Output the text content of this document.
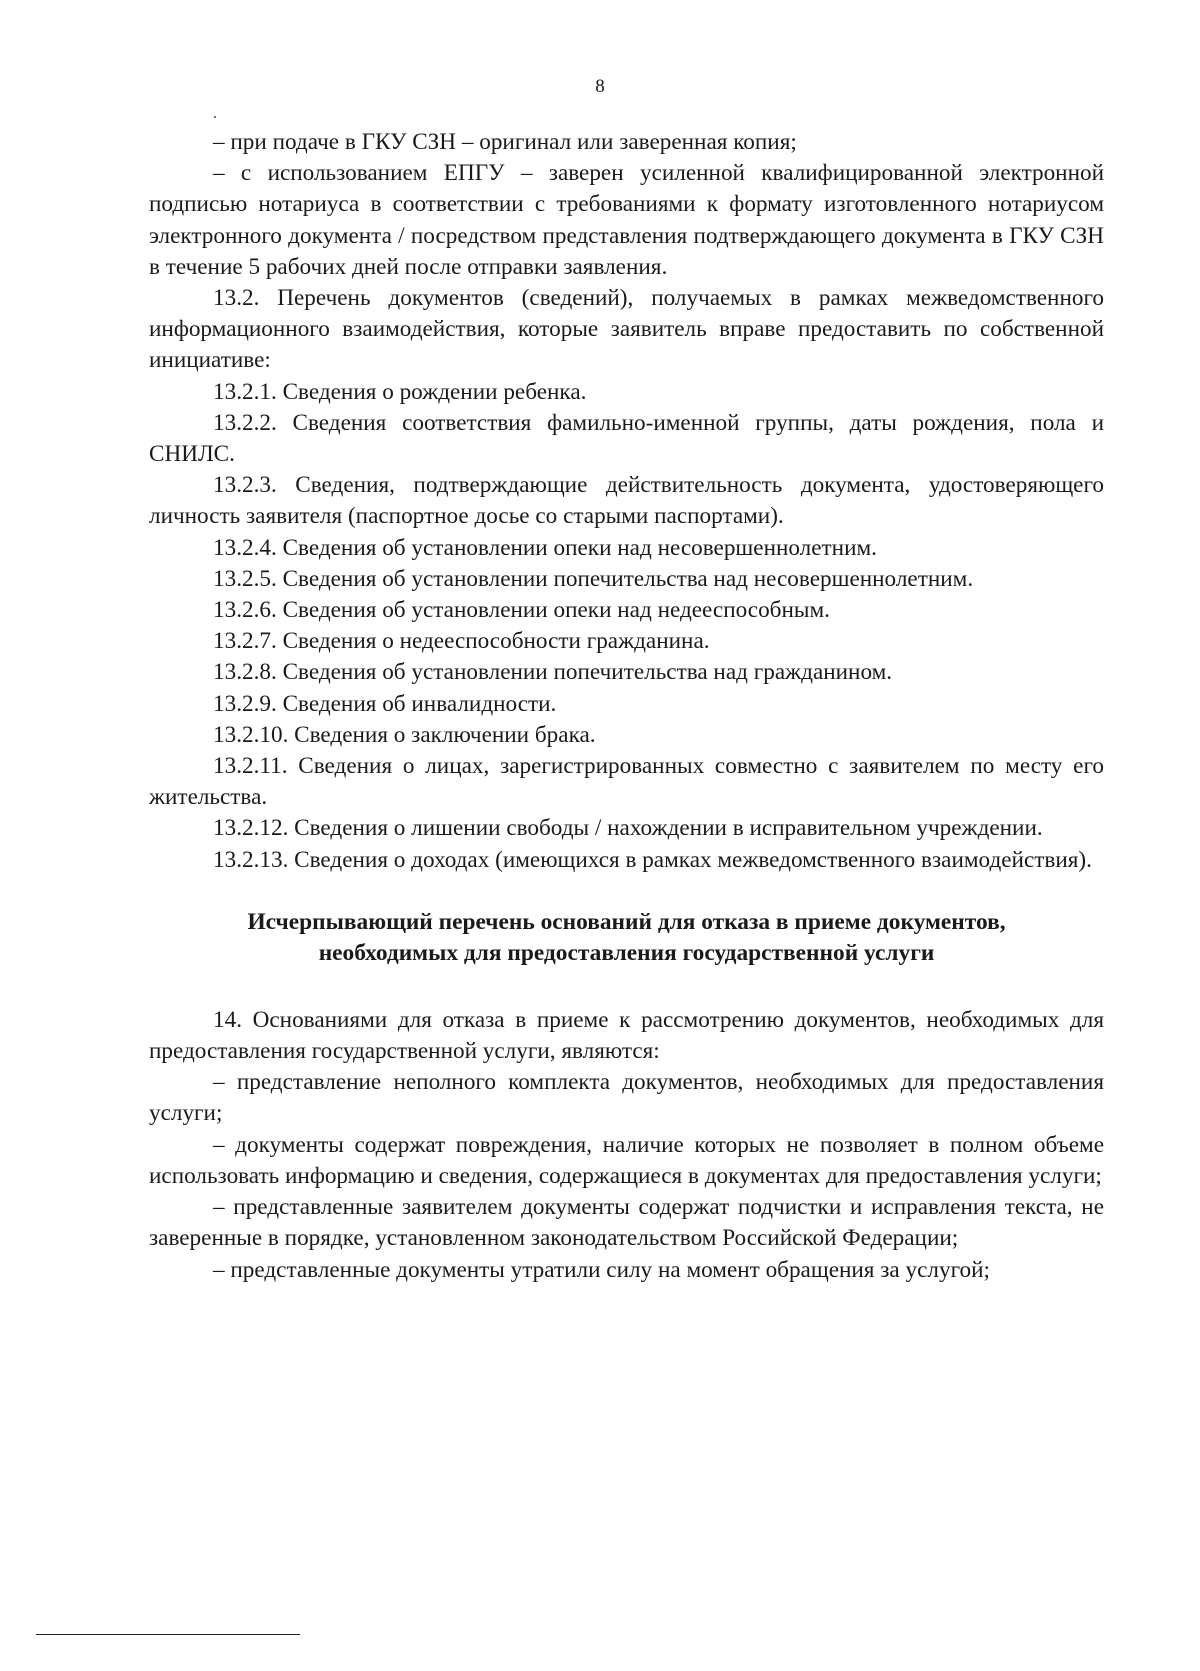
8

– при подаче в ГКУ СЗН – оригинал или заверенная копия;

– с использованием ЕПГУ – заверен усиленной квалифицированной электронной подписью нотариуса в соответствии с требованиями к формату изготовленного нотариусом электронного документа / посредством представления подтверждающего документа в ГКУ СЗН в течение 5 рабочих дней после отправки заявления.

13.2. Перечень документов (сведений), получаемых в рамках межведомственного информационного взаимодействия, которые заявитель вправе предоставить по собственной инициативе:

13.2.1. Сведения о рождении ребенка.

13.2.2. Сведения соответствия фамильно-именной группы, даты рождения, пола и СНИЛС.

13.2.3. Сведения, подтверждающие действительность документа, удостоверяющего личность заявителя (паспортное досье со старыми паспортами).

13.2.4. Сведения об установлении опеки над несовершеннолетним.

13.2.5. Сведения об установлении попечительства над несовершеннолетним.

13.2.6. Сведения об установлении опеки над недееспособным.

13.2.7. Сведения о недееспособности гражданина.

13.2.8. Сведения об установлении попечительства над гражданином.

13.2.9. Сведения об инвалидности.

13.2.10. Сведения о заключении брака.

13.2.11. Сведения о лицах, зарегистрированных совместно с заявителем по месту его жительства.

13.2.12. Сведения о лишении свободы / нахождении в исправительном учреждении.

13.2.13. Сведения о доходах (имеющихся в рамках межведомственного взаимодействия).

Исчерпывающий перечень оснований для отказа в приеме документов,
необходимых для предоставления государственной услуги

14. Основаниями для отказа в приеме к рассмотрению документов, необходимых для предоставления государственной услуги, являются:

– представление неполного комплекта документов, необходимых для предоставления услуги;

– документы содержат повреждения, наличие которых не позволяет в полном объеме использовать информацию и сведения, содержащиеся в документах для предоставления услуги;

– представленные заявителем документы содержат подчистки и исправления текста, не заверенные в порядке, установленном законодательством Российской Федерации;

– представленные документы утратили силу на момент обращения за услугой;
